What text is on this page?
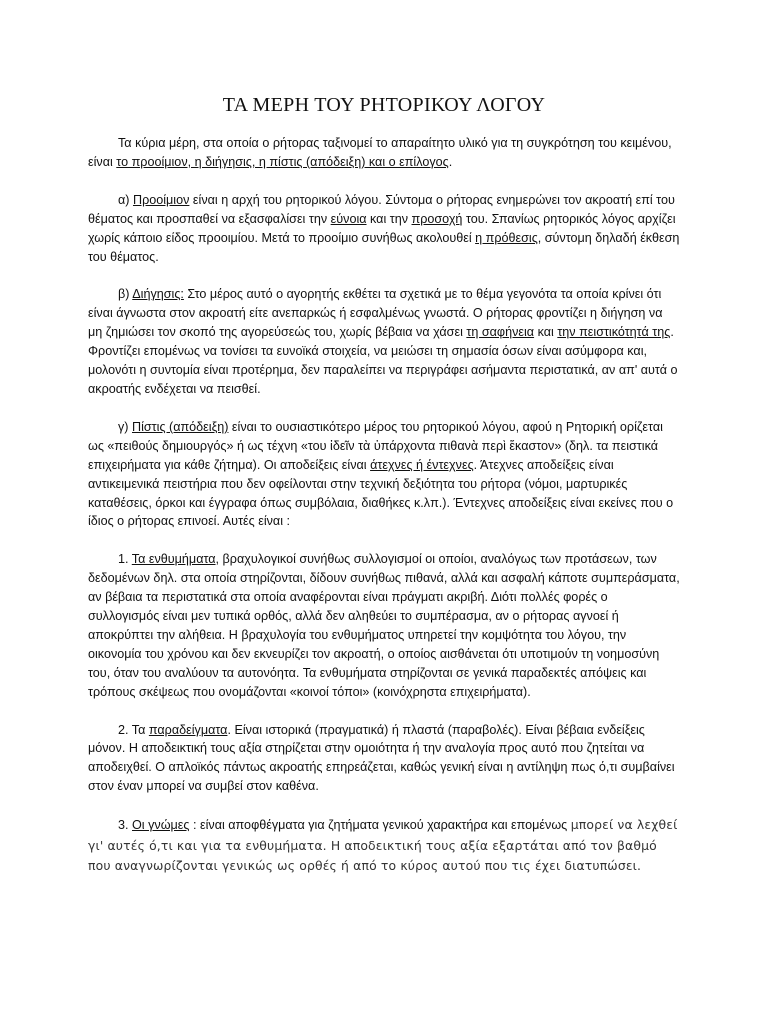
ΤΑ ΜΕΡΗ ΤΟΥ ΡΗΤΟΡΙΚΟΥ ΛΟΓΟΥ

Τα κύρια μέρη, στα οποία ο ρήτορας ταξινομεί το απαραίτητο υλικό για τη συγκρότηση του κειμένου, είναι το προοίμιον, η διήγησις, η πίστις (απόδειξη) και ο επίλογος.

α) Προοίμιον είναι η αρχή του ρητορικού λόγου. Σύντομα ο ρήτορας ενημερώνει τον ακροατή επί του θέματος και προσπαθεί να εξασφαλίσει την εύνοια και την προσοχή του. Σπανίως ρητορικός λόγος αρχίζει χωρίς κάποιο είδος προοιμίου. Μετά το προοίμιο συνήθως ακολουθεί η πρόθεσις, σύντομη δηλαδή έκθεση του θέματος.

β) Διήγησις: Στο μέρος αυτό ο αγορητής εκθέτει τα σχετικά με το θέμα γεγονότα τα οποία κρίνει ότι είναι άγνωστα στον ακροατή είτε ανεπαρκώς ή εσφαλμένως γνωστά. Ο ρήτορας φροντίζει η διήγηση να μη ζημιώσει τον σκοπό της αγορεύσεώς του, χωρίς βέβαια να χάσει τη σαφήνεια και την πειστικότητά της. Φροντίζει επομένως να τονίσει τα ευνοϊκά στοιχεία, να μειώσει τη σημασία όσων είναι ασύμφορα και, μολονότι η συντομία είναι προτέρημα, δεν παραλείπει να περιγράφει ασήμαντα περιστατικά, αν απ' αυτά ο ακροατής ενδέχεται να πεισθεί.

γ) Πίστις (απόδειξη) είναι το ουσιαστικότερο μέρος του ρητορικού λόγου, αφού η Ρητορική ορίζεται ως «πειθούς δημιουργός» ή ως τέχνη «του ἰδεῖν τὰ ὑπάρχοντα πιθανὰ περὶ ἕκαστον» (δηλ. τα πειστικά επιχειρήματα για κάθε ζήτημα). Οι αποδείξεις είναι άτεχνες ή έντεχνες. Άτεχνες αποδείξεις είναι αντικειμενικά πειστήρια που δεν οφείλονται στην τεχνική δεξιότητα του ρήτορα (νόμοι, μαρτυρικές καταθέσεις, όρκοι και έγγραφα όπως συμβόλαια, διαθήκες κ.λπ.). Έντεχνες αποδείξεις είναι εκείνες που ο ίδιος ο ρήτορας επινοεί. Αυτές είναι :

1. Τα ενθυμήματα, βραχυλογικοί συνήθως συλλογισμοί οι οποίοι, αναλόγως των προτάσεων, των δεδομένων δηλ. στα οποία στηρίζονται, δίδουν συνήθως πιθανά, αλλά και ασφαλή κάποτε συμπεράσματα, αν βέβαια τα περιστατικά στα οποία αναφέρονται είναι πράγματι ακριβή. Διότι πολλές φορές ο συλλογισμός είναι μεν τυπικά ορθός, αλλά δεν αληθεύει το συμπέρασμα, αν ο ρήτορας αγνοεί ή αποκρύπτει την αλήθεια. Η βραχυλογία του ενθυμήματος υπηρετεί την κομψότητα του λόγου, την οικονομία του χρόνου και δεν εκνευρίζει τον ακροατή, ο οποίος αισθάνεται ότι υποτιμούν τη νοημοσύνη του, όταν του αναλύουν τα αυτονόητα. Τα ενθυμήματα στηρίζονται σε γενικά παραδεκτές απόψεις και τρόπους σκέψεως που ονομάζονται «κοινοί τόποι» (κοινόχρηστα επιχειρήματα).

2. Τα παραδείγματα. Είναι ιστορικά (πραγματικά) ή πλαστά (παραβολές). Είναι βέβαια ενδείξεις μόνον. Η αποδεικτική τους αξία στηρίζεται στην ομοιότητα ή την αναλογία προς αυτό που ζητείται να αποδειχθεί. Ο απλοϊκός πάντως ακροατής επηρεάζεται, καθώς γενική είναι η αντίληψη πως ό,τι συμβαίνει στον έναν μπορεί να συμβεί στον καθένα.

3. Οι γνώμες : είναι αποφθέγματα για ζητήματα γενικού χαρακτήρα και επομένως μπορεί να λεχθεί γι' αυτές ό,τι και για τα ενθυμήματα. Η αποδεικτική τους αξία εξαρτάται από τον βαθμό που αναγνωρίζονται γενικώς ως ορθές ή από το κύρος αυτού που τις έχει διατυπώσει.
